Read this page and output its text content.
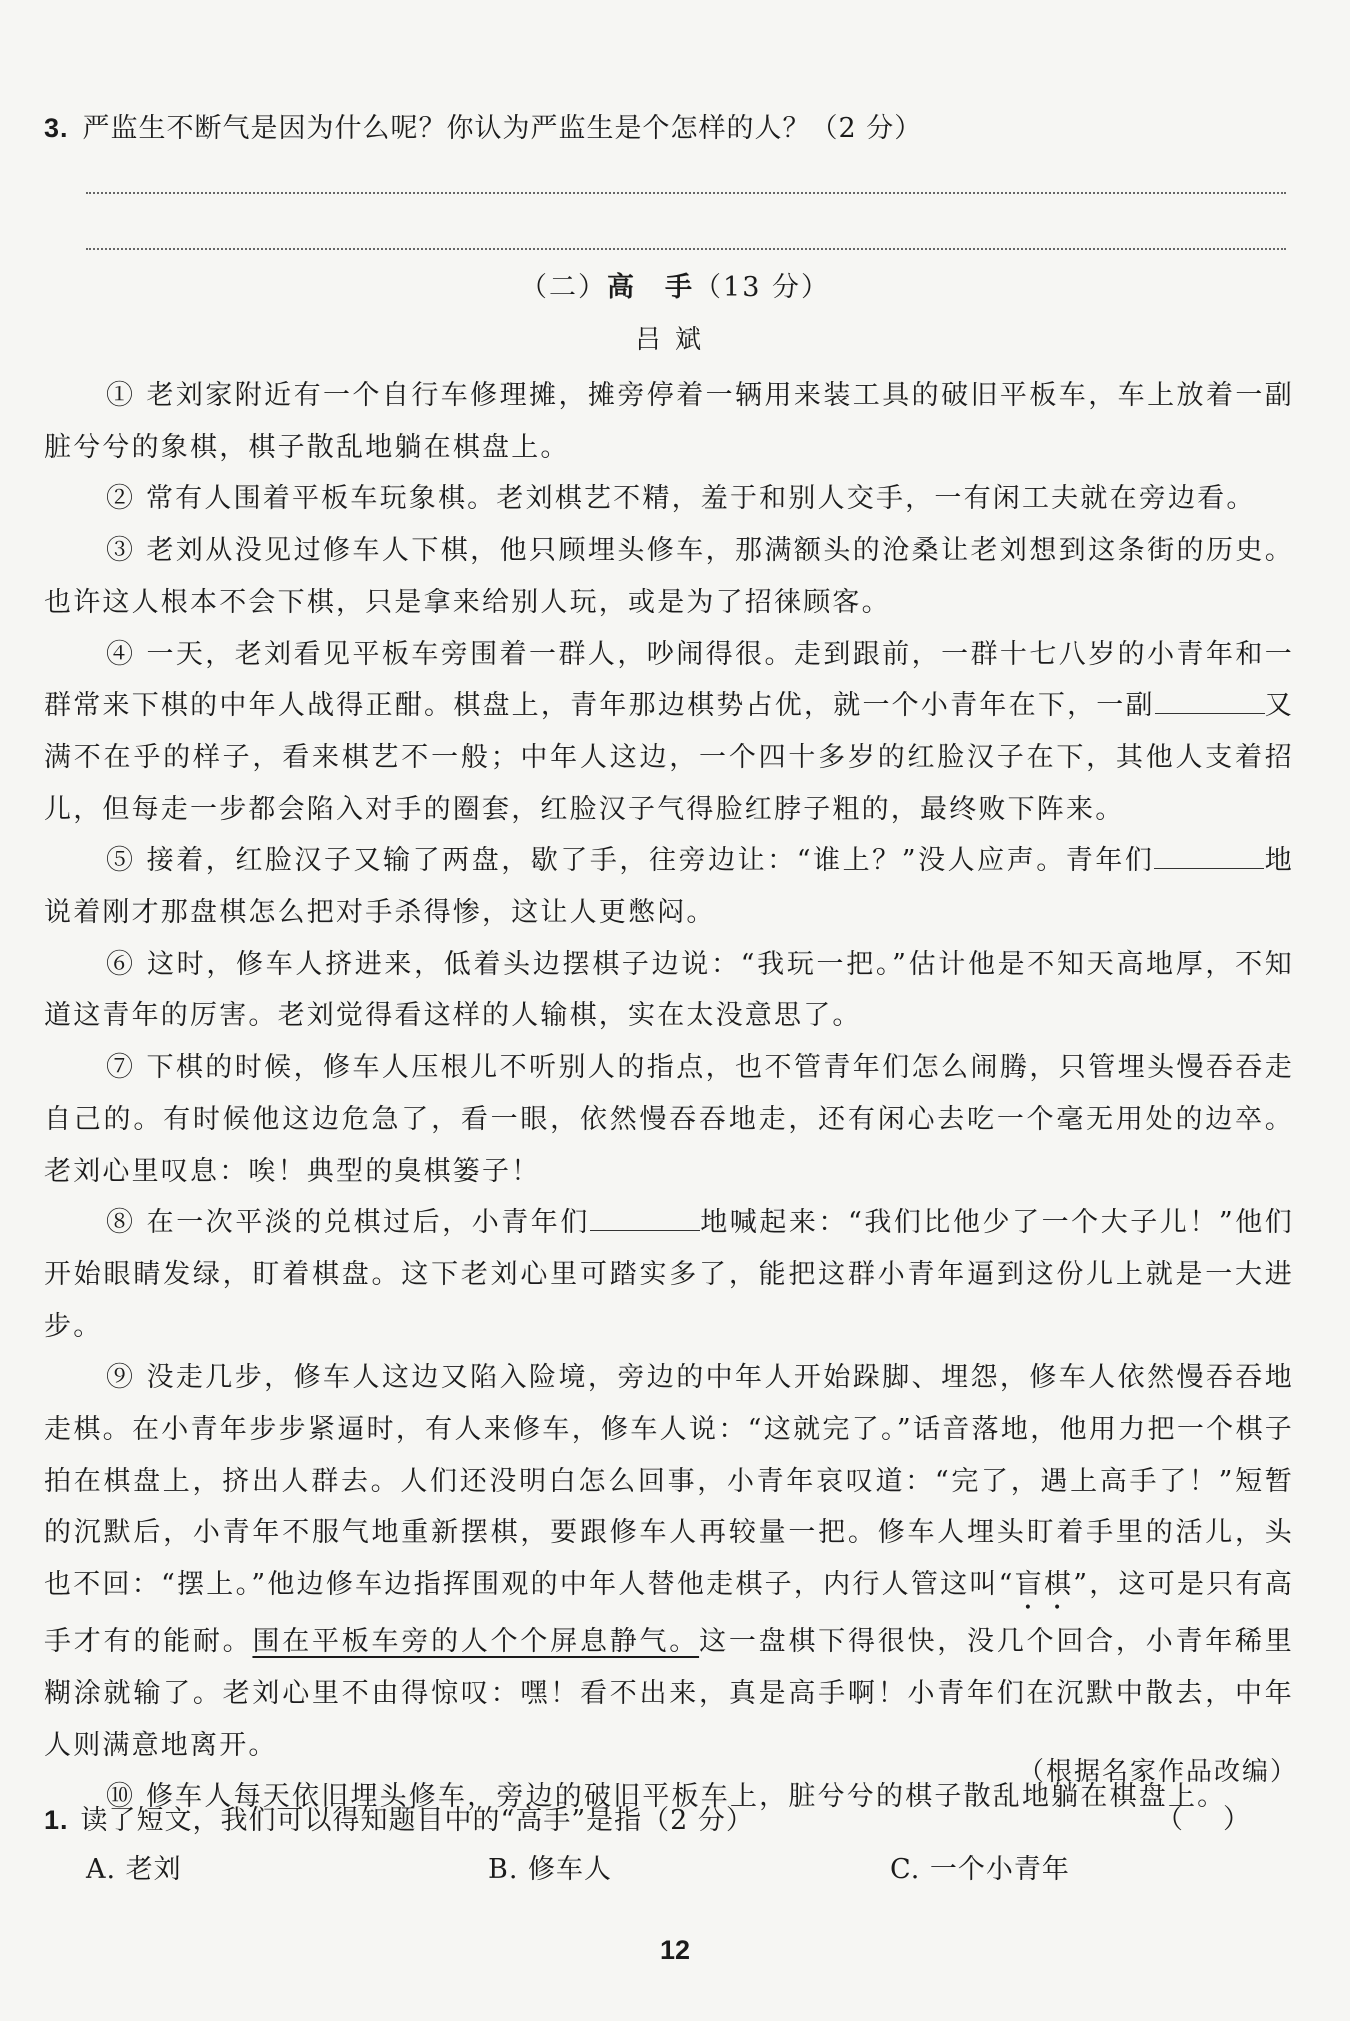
3. 严监生不断气是因为什么呢？你认为严监生是个怎样的人？（2 分）
（二）高　手（13 分）
吕斌

① 老刘家附近有一个自行车修理摊，摊旁停着一辆用来装工具的破旧平板车，车上放着一副脏兮兮的象棋，棋子散乱地躺在棋盘上。

② 常有人围着平板车玩象棋。老刘棋艺不精，羞于和别人交手，一有闲工夫就在旁边看。

③ 老刘从没见过修车人下棋，他只顾埋头修车，那满额头的沧桑让老刘想到这条街的历史。也许这人根本不会下棋，只是拿来给别人玩，或是为了招徕顾客。

④ 一天，老刘看见平板车旁围着一群人，吵闹得很。走到跟前，一群十七八岁的小青年和一群常来下棋的中年人战得正酣。棋盘上，青年那边棋势占优，就一个小青年在下，一副	又满不在乎的样子，看来棋艺不一般；中年人这边，一个四十多岁的红脸汉子在下，其他人支着招儿，但每走一步都会陷入对手的圈套，红脸汉子气得脸红脖子粗的，最终败下阵来。

⑤ 接着，红脸汉子又输了两盘，歇了手，往旁边让：“谁上？”没人应声。青年们	地说着刚才那盘棋怎么把对手杀得惨，这让人更憋闷。

⑥ 这时，修车人挤进来，低着头边摆棋子边说：“我玩一把。”估计他是不知天高地厚，不知道这青年的厉害。老刘觉得看这样的人输棋，实在太没意思了。

⑦ 下棋的时候，修车人压根儿不听别人的指点，也不管青年们怎么闹腾，只管埋头慢吞吞走自己的。有时候他这边危急了，看一眼，依然慢吞吞地走，还有闲心去吃一个毫无用处的边卒。老刘心里叹息：唉！典型的臭棋篓子！

⑧ 在一次平淡的兑棋过后，小青年们	地喊起来：“我们比他少了一个大子儿！”他们开始眼睛发绿，盯着棋盘。这下老刘心里可踏实多了，能把这群小青年逼到这份儿上就是一大进步。

⑨ 没走几步，修车人这边又陷入险境，旁边的中年人开始跺脚、埋怨，修车人依然慢吞吞地走棋。在小青年步步紧逼时，有人来修车，修车人说：“这就完了。”话音落地，他用力把一个棋子拍在棋盘上，挤出人群去。人们还没明白怎么回事，小青年哀叹道：“完了，遇上高手了！”短暂的沉默后，小青年不服气地重新摆棋，要跟修车人再较量一把。修车人埋头盯着手里的活儿，头也不回：“摆上。”他边修车边指挥围观的中年人替他走棋子，内行人管这叫“盲棋”，这可是只有高手才有的能耐。围在平板车旁的人个个屏息静气。这一盘棋下得很快，没几个回合，小青年稀里糊涂就输了。老刘心里不由得惊叹：嘿！看不出来，真是高手啊！小青年们在沉默中散去，中年人则满意地离开。

⑩ 修车人每天依旧埋头修车，旁边的破旧平板车上，脏兮兮的棋子散乱地躺在棋盘上。

（根据名家作品改编）
1. 读了短文，我们可以得知题目中的“高手”是指（2 分）	（）
A. 老刘	B. 修车人	C. 一个小青年
12
